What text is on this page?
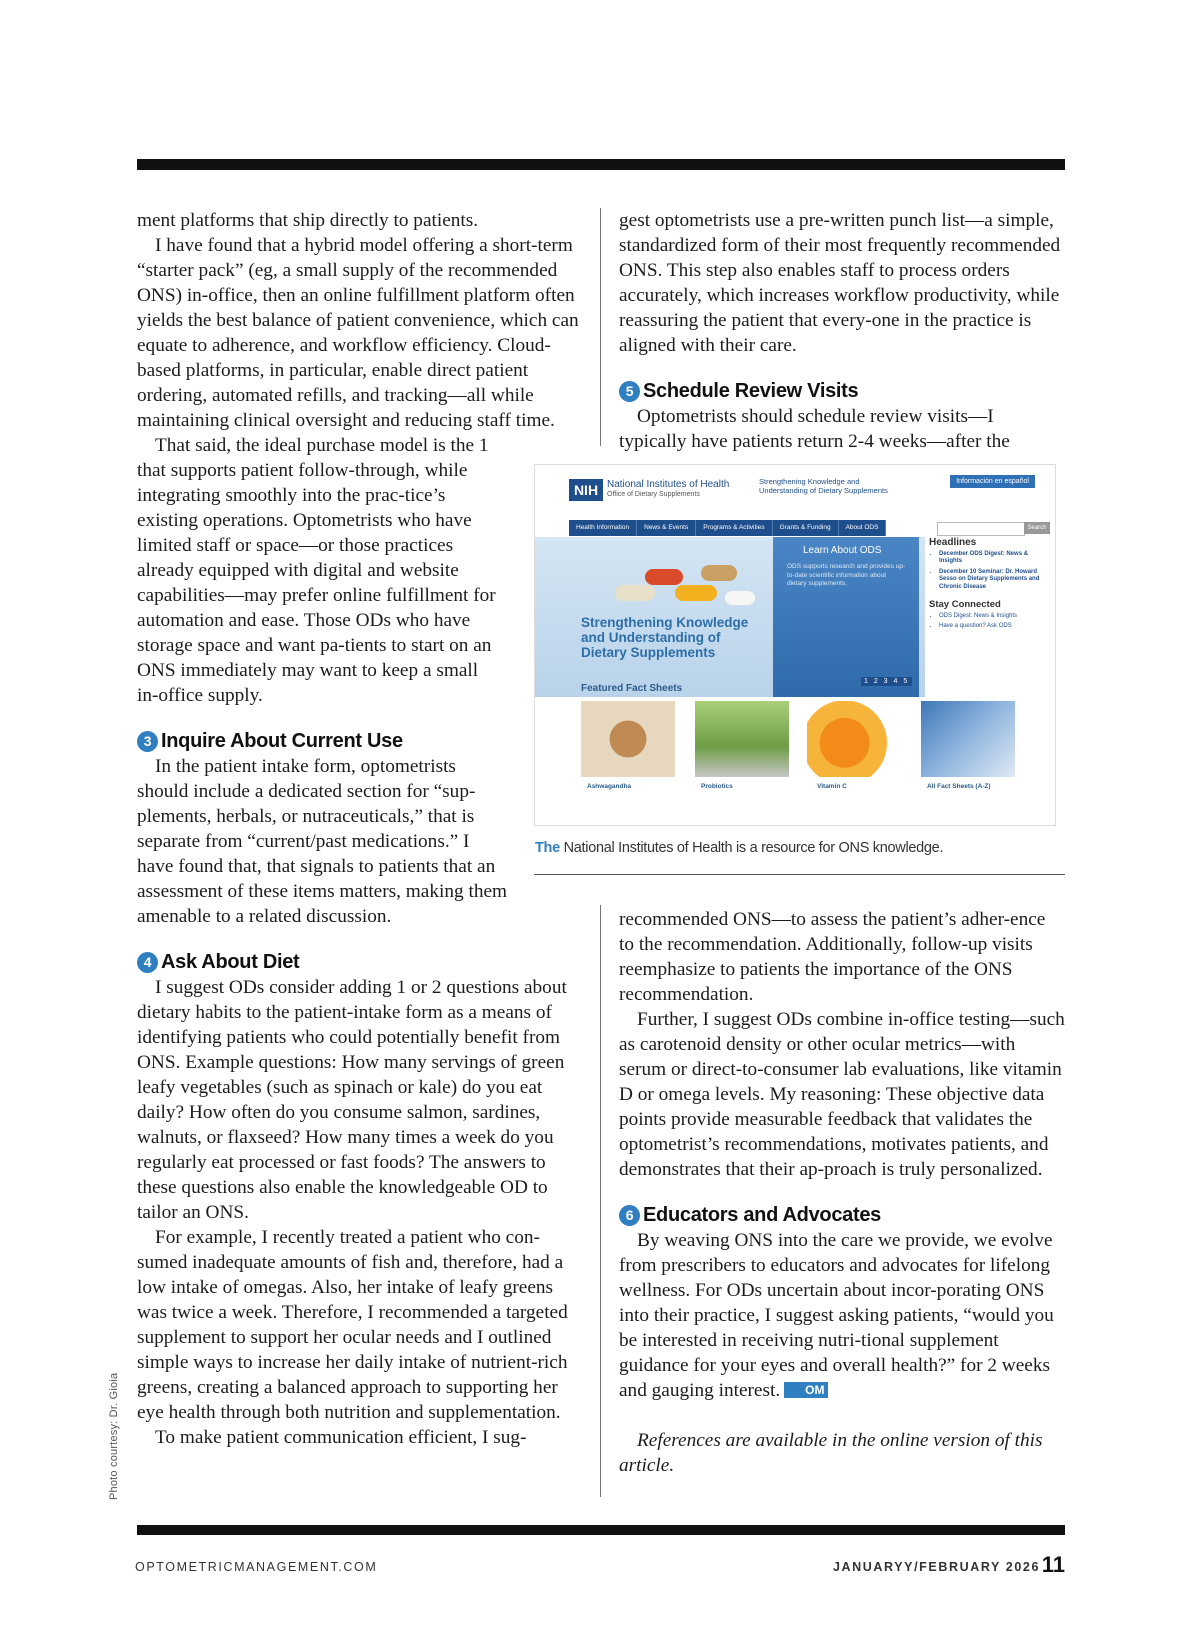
ment platforms that ship directly to patients.

I have found that a hybrid model offering a short-term “starter pack” (eg, a small supply of the recommended ONS) in-office, then an online fulfillment platform often yields the best balance of patient convenience, which can equate to adherence, and workflow efficiency. Cloud-based platforms, in particular, enable direct patient ordering, automated refills, and tracking—all while maintaining clinical oversight and reducing staff time.

That said, the ideal purchase model is the 1 that supports patient follow-through, while integrating smoothly into the prac-tice’s existing operations. Optometrists who have limited staff or space—or those practices already equipped with digital and website capabilities—may prefer online fulfillment for automation and ease. Those ODs who have storage space and want pa-tients to start on an ONS immediately may want to keep a small in-office supply.

3 Inquire About Current Use

In the patient intake form, optometrists should include a dedicated section for “sup-plements, herbals, or nutraceuticals,” that is separate from “current/past medications.” I have found that, that signals to patients that an assessment of these items matters, making them amenable to a related discussion.

4 Ask About Diet

I suggest ODs consider adding 1 or 2 questions about dietary habits to the patient-intake form as a means of identifying patients who could potentially benefit from ONS. Example questions: How many servings of green leafy vegetables (such as spinach or kale) do you eat daily? How often do you consume salmon, sardines, walnuts, or flaxseed? How many times a week do you regularly eat processed or fast foods? The answers to these questions also enable the knowledgeable OD to tailor an ONS.

For example, I recently treated a patient who con-sumed inadequate amounts of fish and, therefore, had a low intake of omegas. Also, her intake of leafy greens was twice a week. Therefore, I recommended a targeted supplement to support her ocular needs and I outlined simple ways to increase her daily intake of nutrient-rich greens, creating a balanced approach to supporting her eye health through both nutrition and supplementation.

To make patient communication efficient, I sug-

gest optometrists use a pre-written punch list—a simple, standardized form of their most frequently recommended ONS. This step also enables staff to process orders accurately, which increases workflow productivity, while reassuring the patient that every-one in the practice is aligned with their care.

5 Schedule Review Visits

Optometrists should schedule review visits—I typically have patients return 2-4 weeks—after the

NIH National Institutes of Health
Office of Dietary Supplements
Strengthening Knowledge and Understanding of Dietary Supplements
Información en español
Health Information	News & Events	Programs & Activities	Grants & Funding	About ODS	Search
Strengthening Knowledge and Understanding of Dietary Supplements
Learn About ODS
ODS supports research and provides up-to-date scientific information about dietary supplements.
1 2 3 4 5
Headlines
• December ODS Digest: News & Insights
• December 10 Seminar: Dr. Howard Sesso on Dietary Supplements and Chronic Disease
Stay Connected
• ODS Digest: News & Insights
• Have a question? Ask ODS
Featured Fact Sheets
Ashwagandha	Probiotics	Vitamin C	All Fact Sheets (A-Z)
The National Institutes of Health is a resource for ONS knowledge.

recommended ONS—to assess the patient’s adher-ence to the recommendation. Additionally, follow-up visits reemphasize to patients the importance of the ONS recommendation.

Further, I suggest ODs combine in-office testing—such as carotenoid density or other ocular metrics—with serum or direct-to-consumer lab evaluations, like vitamin D or omega levels. My reasoning: These objective data points provide measurable feedback that validates the optometrist’s recommendations, motivates patients, and demonstrates that their ap-proach is truly personalized.

6 Educators and Advocates

By weaving ONS into the care we provide, we evolve from prescribers to educators and advocates for lifelong wellness. For ODs uncertain about incor-porating ONS into their practice, I suggest asking patients, “would you be interested in receiving nutri-tional supplement guidance for your eyes and overall health?” for 2 weeks and gauging interest. OM

References are available in the online version of this article.

Photo courtesy: Dr. Gioia
OPTOMETRICMANAGEMENT.COM	JANUARYY/FEBRUARY 2026 11
